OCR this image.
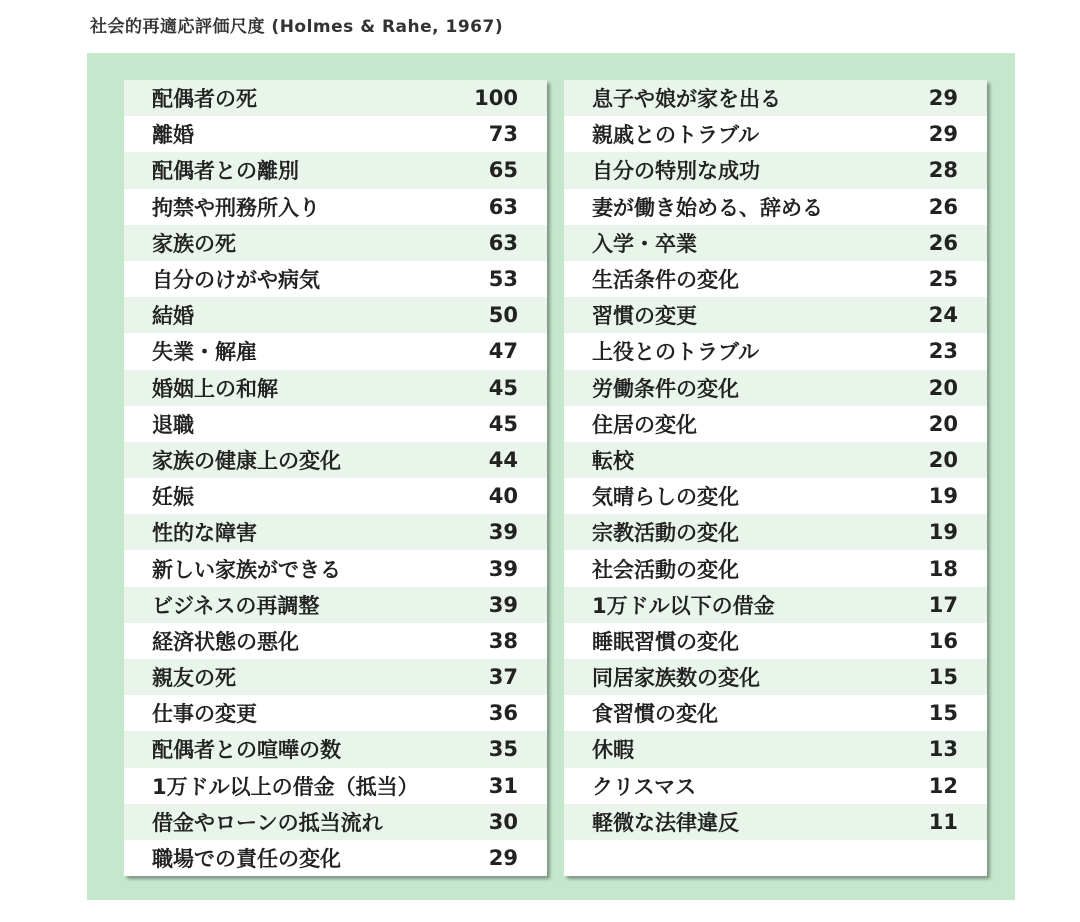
社会的再適応評価尺度 (Holmes & Rahe, 1967)
配偶者の死	100
離婚	73
配偶者との離別	65
拘禁や刑務所入り	63
家族の死	63
自分のけがや病気	53
結婚	50
失業・解雇	47
婚姻上の和解	45
退職	45
家族の健康上の変化	44
妊娠	40
性的な障害	39
新しい家族ができる	39
ビジネスの再調整	39
経済状態の悪化	38
親友の死	37
仕事の変更	36
配偶者との喧嘩の数	35
1万ドル以上の借金（抵当）	31
借金やローンの抵当流れ	30
職場での責任の変化	29
息子や娘が家を出る	29
親戚とのトラブル	29
自分の特別な成功	28
妻が働き始める、辞める	26
入学・卒業	26
生活条件の変化	25
習慣の変更	24
上役とのトラブル	23
労働条件の変化	20
住居の変化	20
転校	20
気晴らしの変化	19
宗教活動の変化	19
社会活動の変化	18
1万ドル以下の借金	17
睡眠習慣の変化	16
同居家族数の変化	15
食習慣の変化	15
休暇	13
クリスマス	12
軽微な法律違反	11
